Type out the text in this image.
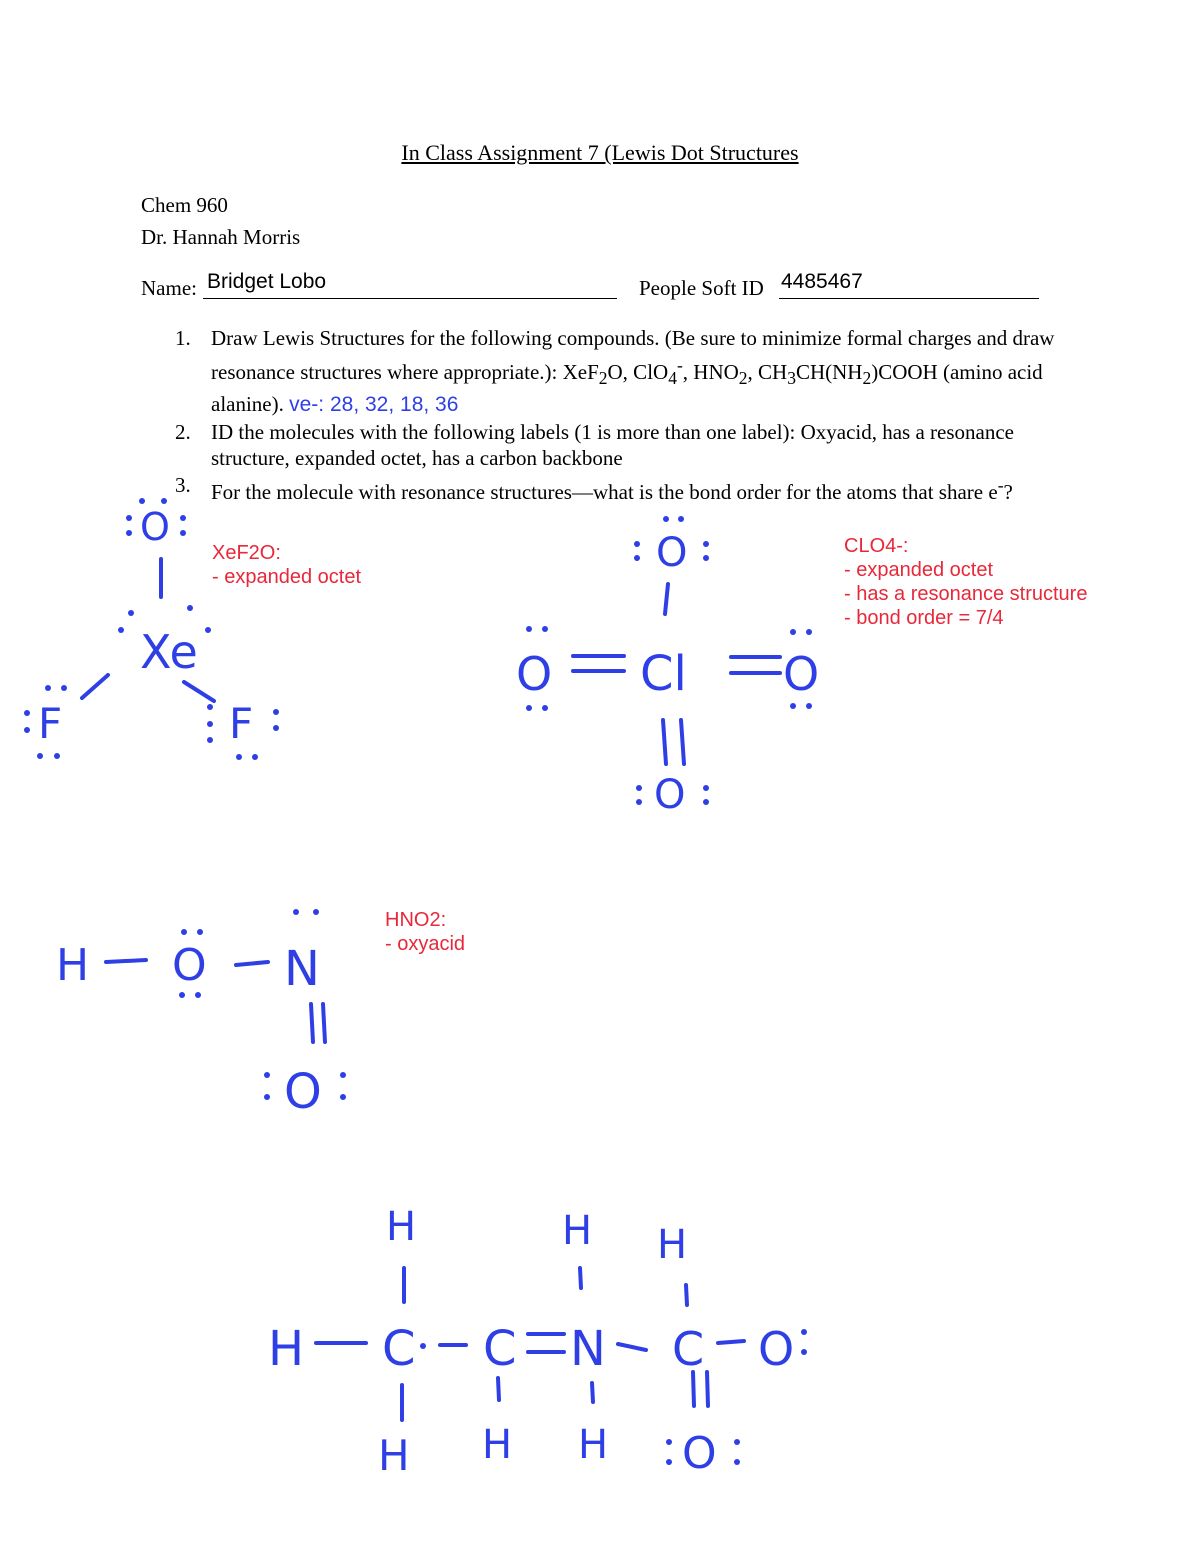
In Class Assignment 7 (Lewis Dot Structures
Chem 960
Dr. Hannah Morris
Name: Bridget Lobo	People Soft ID 4485467
1. Draw Lewis Structures for the following compounds. (Be sure to minimize formal charges and draw resonance structures where appropriate.): XeF$_2$O, ClO$_4$-, $HNO_2$, $CH_3CH(NH_2)COOH$ (amino acid alanine). ve-: 28, 32, 18, 36
2. ID the molecules with the following labels (1 is more than one label): Oxyacid, has a resonance structure, expanded octet, has a carbon backbone
3. For the molecule with resonance structures—what is the bond order for the atoms that share e-?
XeF2O:
- expanded octet
CLO4-:
- expanded octet
- has a resonance structure
- bond order = 7/4
HNO2:
- oxyacid
O
Xe
F	F
O
O Cl O
O
H O N
O
H	H H
H C C N C O
H H H O
